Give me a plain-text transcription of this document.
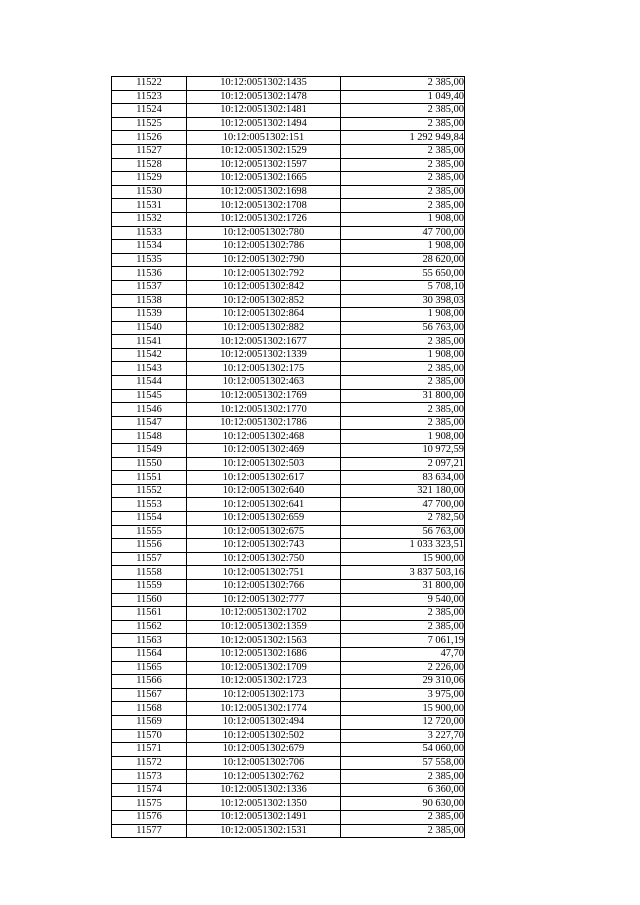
11522	10:12:0051302:1435	2 385,00
11523	10:12:0051302:1478	1 049,40
11524	10:12:0051302:1481	2 385,00
11525	10:12:0051302:1494	2 385,00
11526	10:12:0051302:151	1 292 949,84
11527	10:12:0051302:1529	2 385,00
11528	10:12:0051302:1597	2 385,00
11529	10:12:0051302:1665	2 385,00
11530	10:12:0051302:1698	2 385,00
11531	10:12:0051302:1708	2 385,00
11532	10:12:0051302:1726	1 908,00
11533	10:12:0051302:780	47 700,00
11534	10:12:0051302:786	1 908,00
11535	10:12:0051302:790	28 620,00
11536	10:12:0051302:792	55 650,00
11537	10:12:0051302:842	5 708,10
11538	10:12:0051302:852	30 398,03
11539	10:12:0051302:864	1 908,00
11540	10:12:0051302:882	56 763,00
11541	10:12:0051302:1677	2 385,00
11542	10:12:0051302:1339	1 908,00
11543	10:12:0051302:175	2 385,00
11544	10:12:0051302:463	2 385,00
11545	10:12:0051302:1769	31 800,00
11546	10:12:0051302:1770	2 385,00
11547	10:12:0051302:1786	2 385,00
11548	10:12:0051302:468	1 908,00
11549	10:12:0051302:469	10 972,59
11550	10:12:0051302:503	2 097,21
11551	10:12:0051302:617	83 634,00
11552	10:12:0051302:640	321 180,00
11553	10:12:0051302:641	47 700,00
11554	10:12:0051302:659	2 782,50
11555	10:12:0051302:675	56 763,00
11556	10:12:0051302:743	1 033 323,51
11557	10:12:0051302:750	15 900,00
11558	10:12:0051302:751	3 837 503,16
11559	10:12:0051302:766	31 800,00
11560	10:12:0051302:777	9 540,00
11561	10:12:0051302:1702	2 385,00
11562	10:12:0051302:1359	2 385,00
11563	10:12:0051302:1563	7 061,19
11564	10:12:0051302:1686	47,70
11565	10:12:0051302:1709	2 226,00
11566	10:12:0051302:1723	29 310,06
11567	10:12:0051302:173	3 975,00
11568	10:12:0051302:1774	15 900,00
11569	10:12:0051302:494	12 720,00
11570	10:12:0051302:502	3 227,70
11571	10:12:0051302:679	54 060,00
11572	10:12:0051302:706	57 558,00
11573	10:12:0051302:762	2 385,00
11574	10:12:0051302:1336	6 360,00
11575	10:12:0051302:1350	90 630,00
11576	10:12:0051302:1491	2 385,00
11577	10:12:0051302:1531	2 385,00
